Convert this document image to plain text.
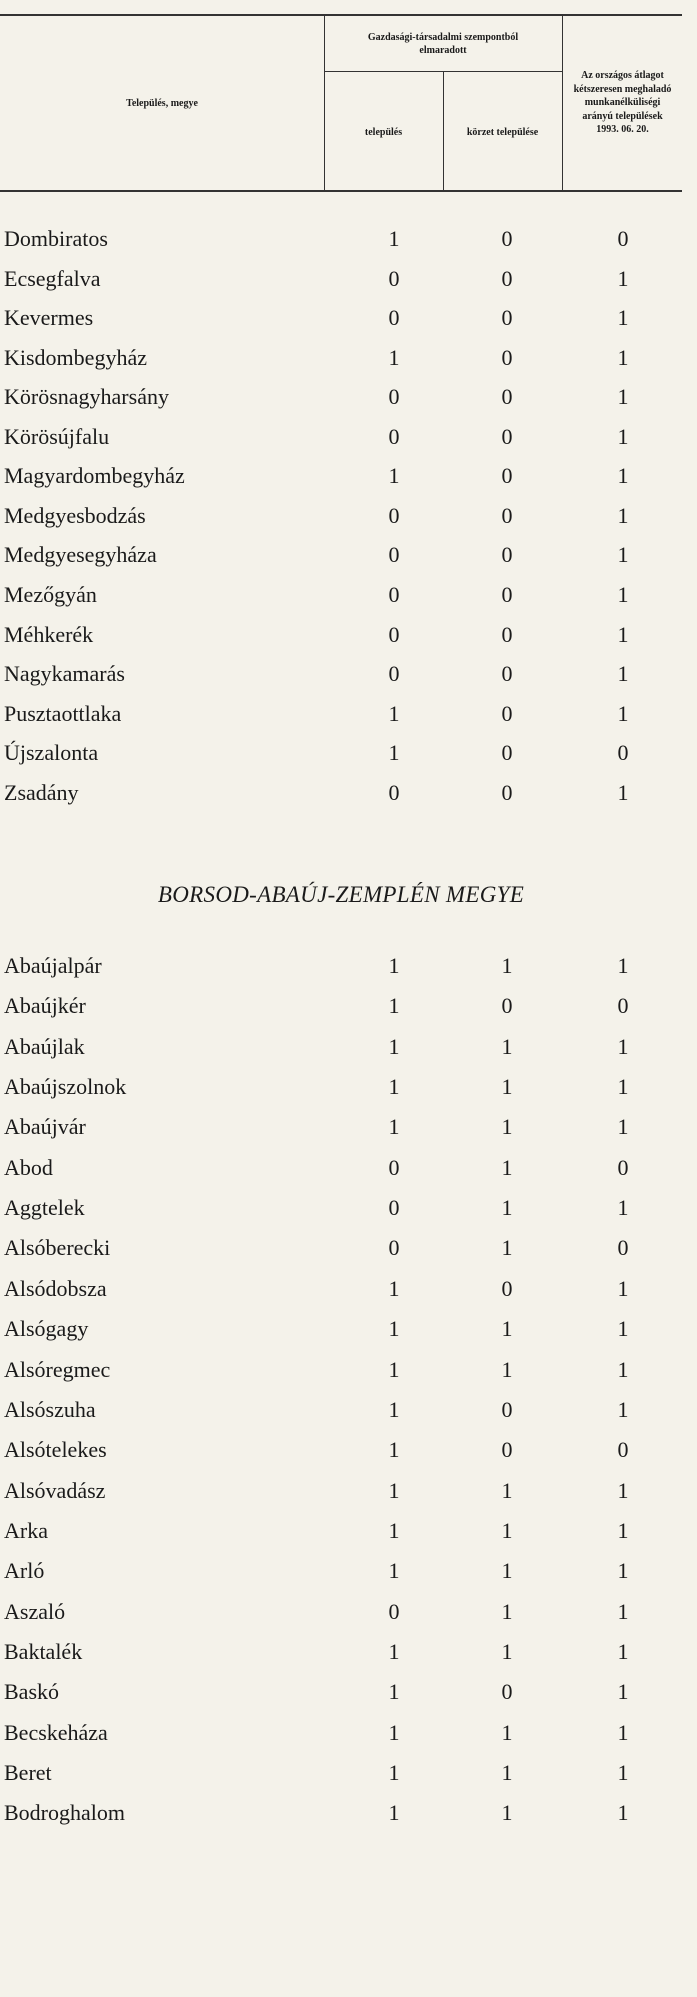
Település, megye
Gazdasági-társadalmi szempontból elmaradott
település	körzet települése
Az országos átlagot kétszeresen meghaladó munkanélküliségi arányú települések 1993. 06. 20.
Dombiratos	1	0	0
Ecsegfalva	0	0	1
Kevermes	0	0	1
Kisdombegyház	1	0	1
Körösnagyharsány	0	0	1
Körösújfalu	0	0	1
Magyardombegyház	1	0	1
Medgyesbodzás	0	0	1
Medgyesegyháza	0	0	1
Mezőgyán	0	0	1
Méhkerék	0	0	1
Nagykamarás	0	0	1
Pusztaottlaka	1	0	1
Újszalonta	1	0	0
Zsadány	0	0	1
BORSOD-ABAÚJ-ZEMPLÉN MEGYE
Abaújalpár	1	1	1
Abaújkér	1	0	0
Abaújlak	1	1	1
Abaújszolnok	1	1	1
Abaújvár	1	1	1
Abod	0	1	0
Aggtelek	0	1	1
Alsóberecki	0	1	0
Alsódobsza	1	0	1
Alsógagy	1	1	1
Alsóregmec	1	1	1
Alsószuha	1	0	1
Alsótelekes	1	0	0
Alsóvadász	1	1	1
Arka	1	1	1
Arló	1	1	1
Aszaló	0	1	1
Baktalék	1	1	1
Baskó	1	0	1
Becskeháza	1	1	1
Beret	1	1	1
Bodroghalom	1	1	1
